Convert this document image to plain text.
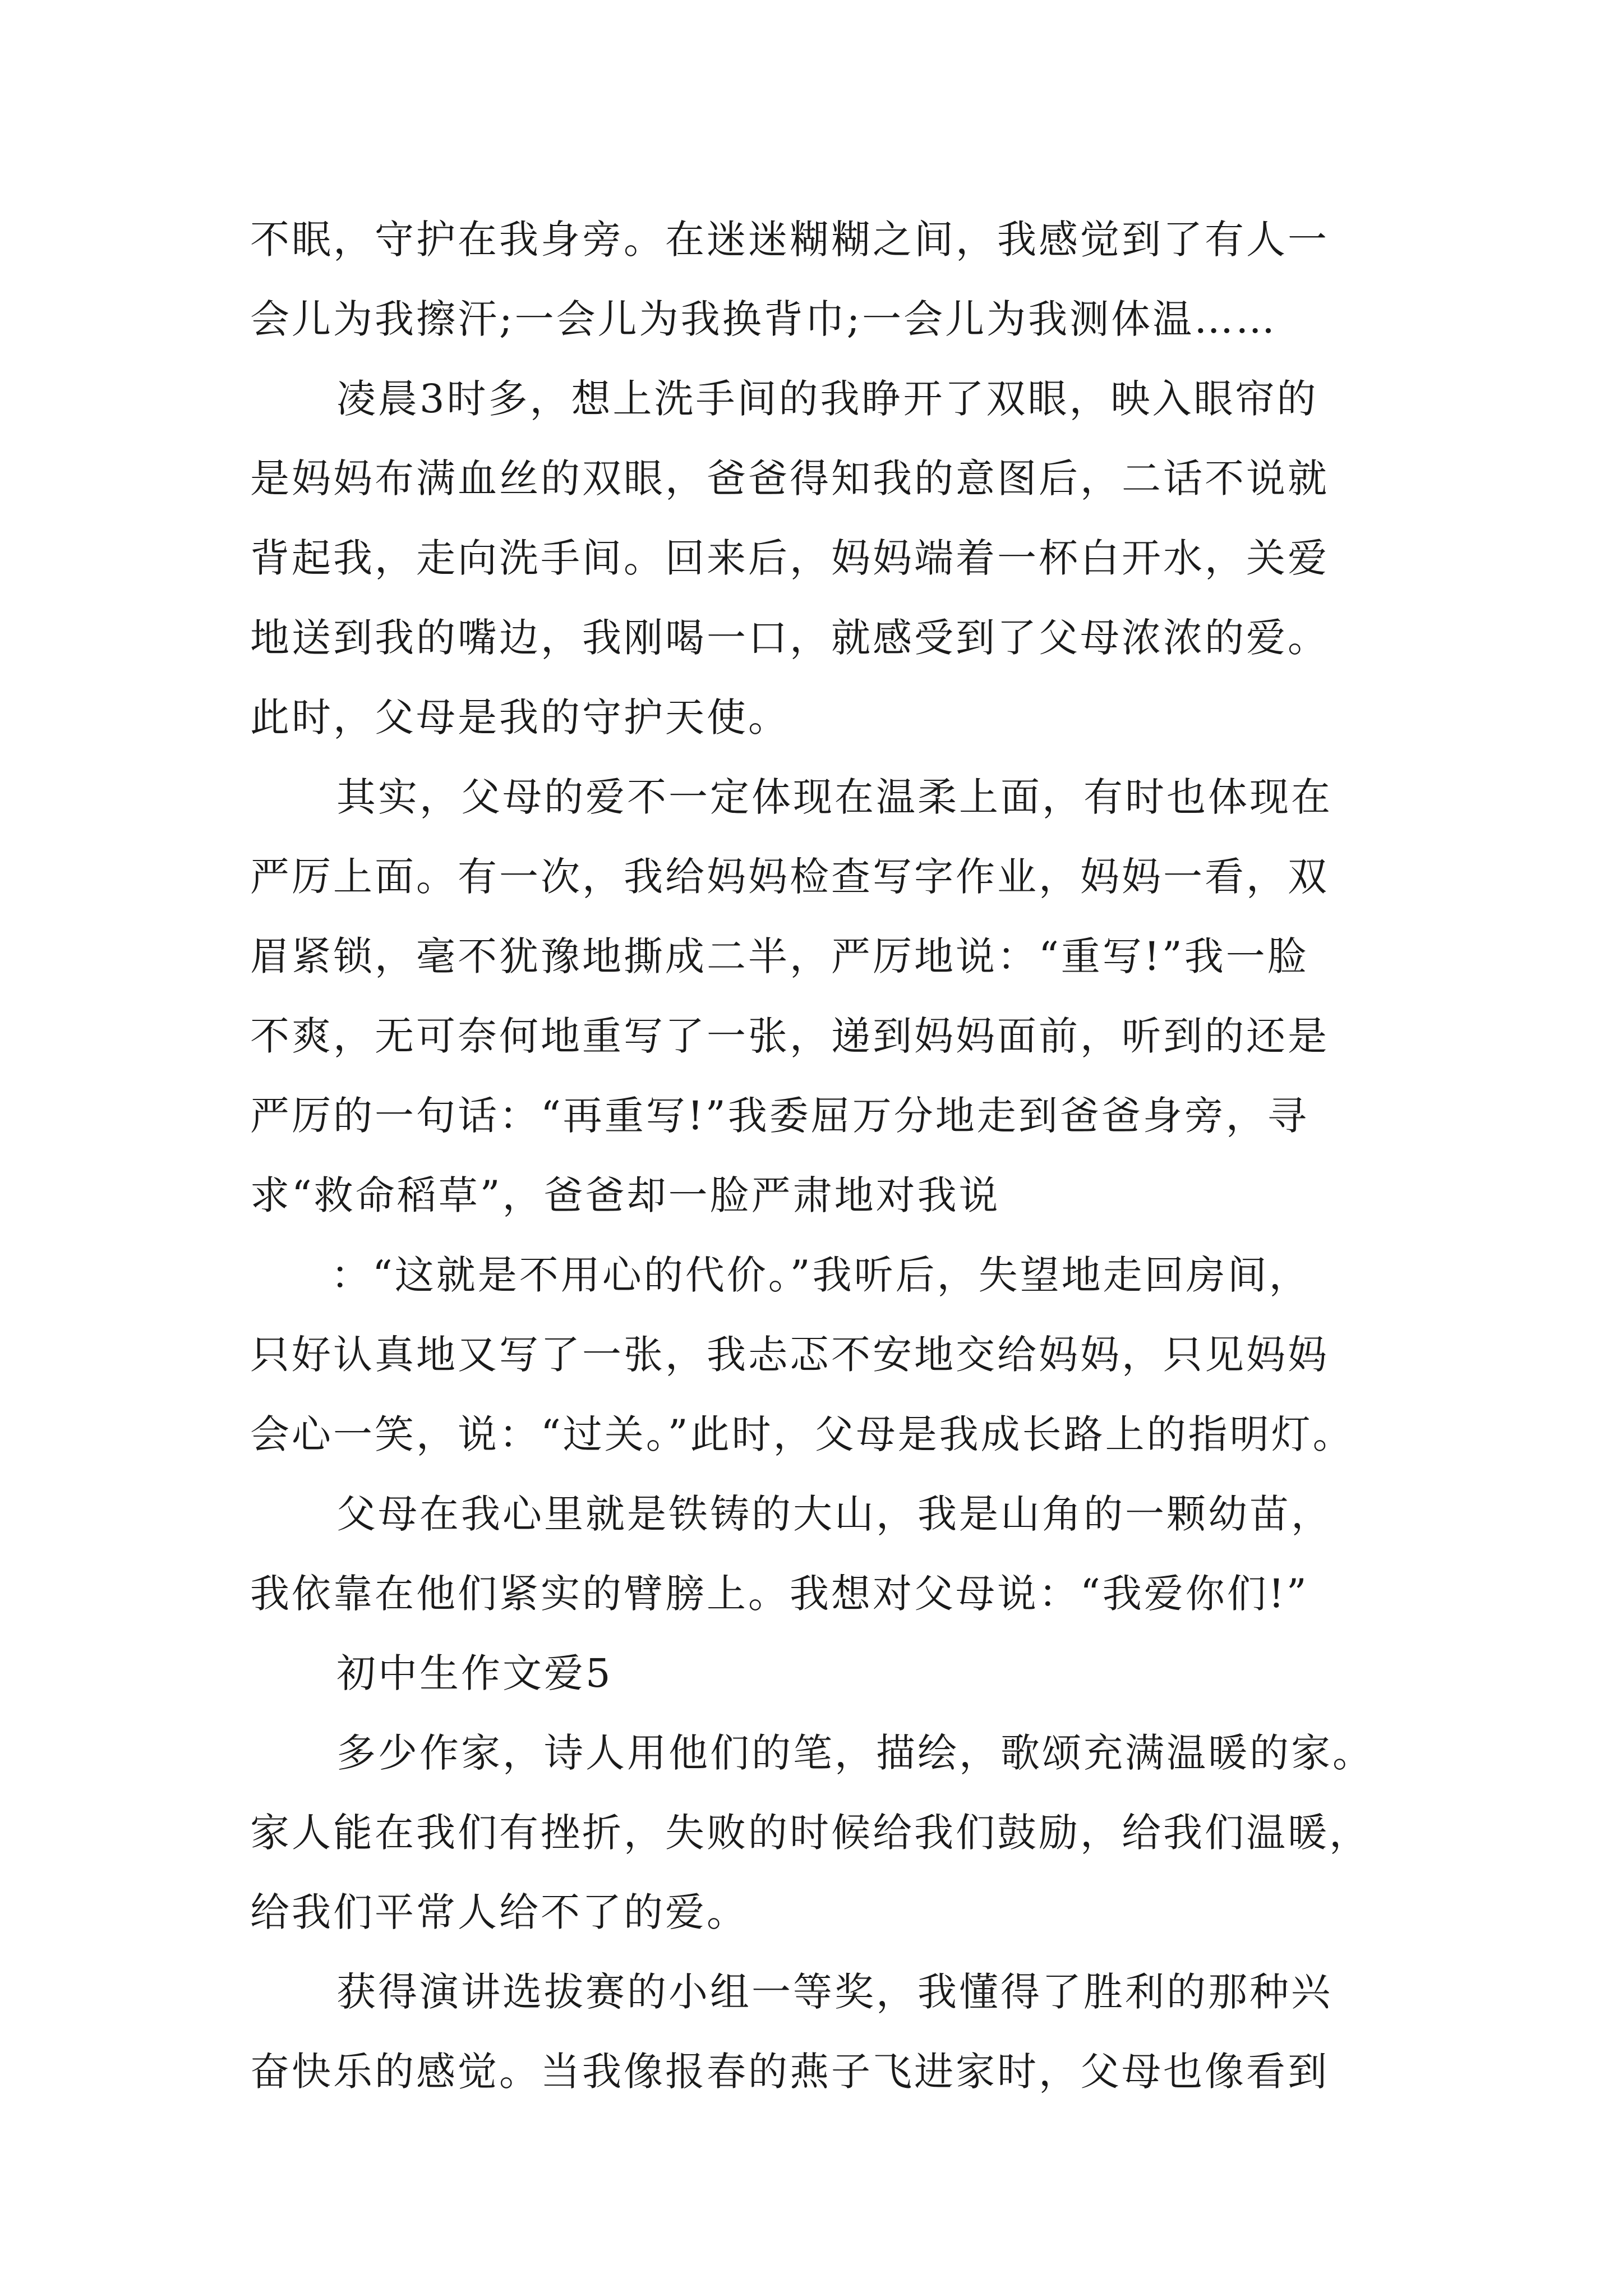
不眠，守护在我身旁。在迷迷糊糊之间，我感觉到了有人一
会儿为我擦汗;一会儿为我换背巾;一会儿为我测体温……
凌晨3时多，想上洗手间的我睁开了双眼，映入眼帘的
是妈妈布满血丝的双眼，爸爸得知我的意图后，二话不说就
背起我，走向洗手间。回来后，妈妈端着一杯白开水，关爱
地送到我的嘴边，我刚喝一口，就感受到了父母浓浓的爱。
此时，父母是我的守护天使。
其实，父母的爱不一定体现在温柔上面，有时也体现在
严厉上面。有一次，我给妈妈检查写字作业，妈妈一看，双
眉紧锁，毫不犹豫地撕成二半，严厉地说：“重写!”我一脸
不爽，无可奈何地重写了一张，递到妈妈面前，听到的还是
严厉的一句话：“再重写!”我委屈万分地走到爸爸身旁，寻
求“救命稻草”，爸爸却一脸严肃地对我说
：“这就是不用心的代价。”我听后，失望地走回房间，
只好认真地又写了一张，我忐忑不安地交给妈妈，只见妈妈
会心一笑，说：“过关。”此时，父母是我成长路上的指明灯。
父母在我心里就是铁铸的大山，我是山角的一颗幼苗，
我依靠在他们紧实的臂膀上。我想对父母说：“我爱你们!”
初中生作文爱5
多少作家，诗人用他们的笔，描绘，歌颂充满温暖的家。
家人能在我们有挫折，失败的时候给我们鼓励，给我们温暖，
给我们平常人给不了的爱。
获得演讲选拔赛的小组一等奖，我懂得了胜利的那种兴
奋快乐的感觉。当我像报春的燕子飞进家时，父母也像看到
